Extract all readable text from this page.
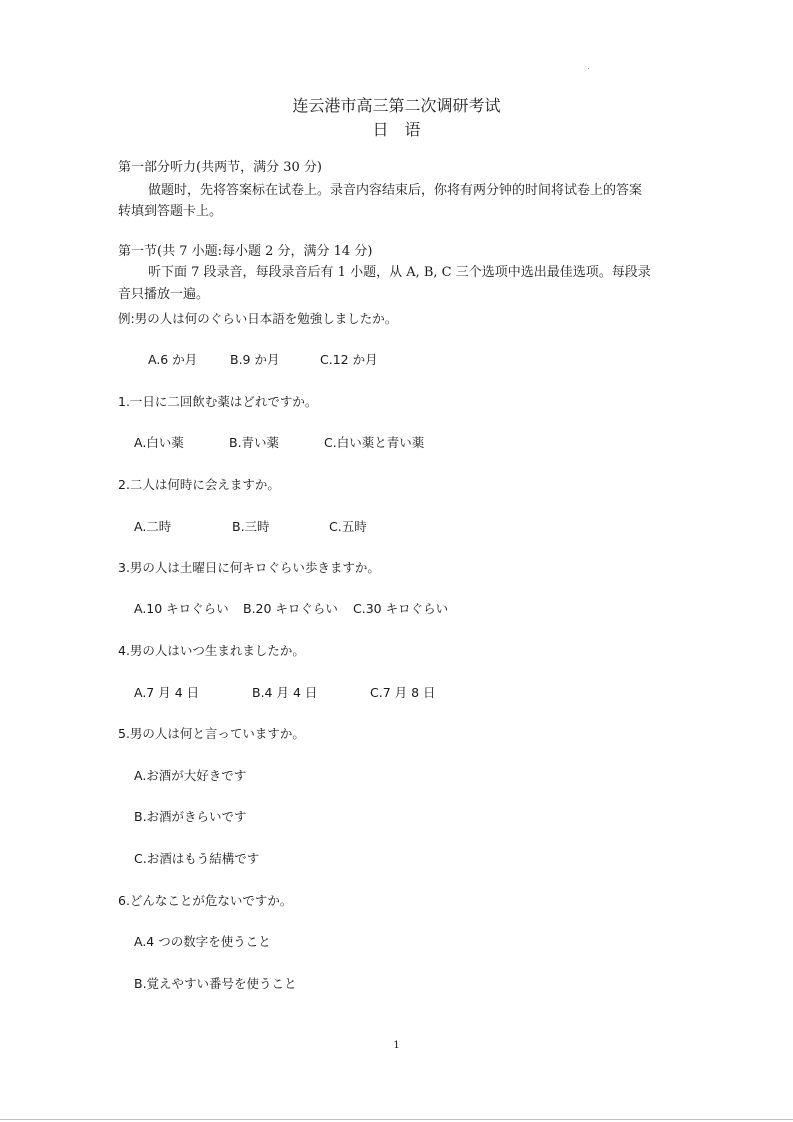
连云港市高三第二次调研考试
日　语
第一部分听力(共两节，满分 30 分)
做题时，先将答案标在试卷上。录音内容结束后，你将有两分钟的时间将试卷上的答案
转填到答题卡上。
第一节(共 7 小题:每小题 2 分，满分 14 分)
听下面 7 段录音，每段录音后有 1 小题，从 A, B, C 三个选项中选出最佳选项。每段录
音只播放一遍。
例:男の人は何のぐらい日本語を勉強しましたか。
A.6 か月	B.9 か月	C.12 か月
1.一日に二回飲む薬はどれですか。
A.白い薬	B.青い薬	C.白い薬と青い薬
2.二人は何時に会えますか。
A.二時	B.三時	C.五時
3.男の人は土曜日に何キロぐらい歩きますか。
A.10 キロぐらい B.20 キロぐらい C.30 キロぐらい
4.男の人はいつ生まれましたか。
A.7 月 4 日	B.4 月 4 日	C.7 月 8 日
5.男の人は何と言っていますか。
A.お酒が大好きです
B.お酒がきらいです
C.お酒はもう結構です
6.どんなことが危ないですか。
A.4 つの数字を使うこと
B.覚えやすい番号を使うこと
1
